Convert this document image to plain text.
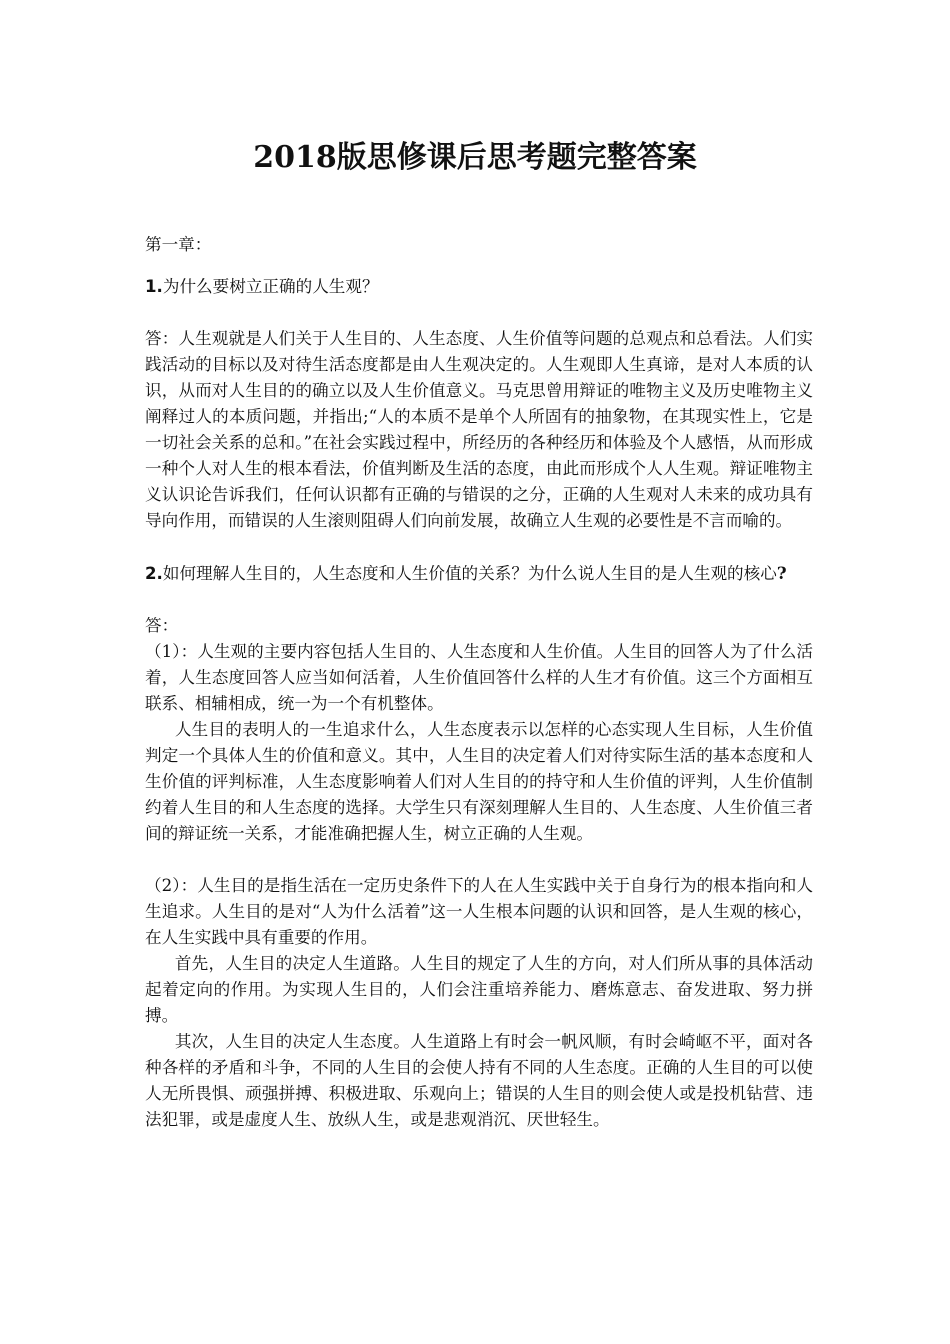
2018版思修课后思考题完整答案

第一章：

1.为什么要树立正确的人生观？

答：人生观就是人们关于人生目的、人生态度、人生价值等问题的总观点和总看法。人们实践活动的目标以及对待生活态度都是由人生观决定的。人生观即人生真谛，是对人本质的认识，从而对人生目的的确立以及人生价值意义。马克思曾用辩证的唯物主义及历史唯物主义阐释过人的本质问题，并指出;“人的本质不是单个人所固有的抽象物，在其现实性上，它是一切社会关系的总和。”在社会实践过程中，所经历的各种经历和体验及个人感悟，从而形成一种个人对人生的根本看法，价值判断及生活的态度，由此而形成个人人生观。辩证唯物主义认识论告诉我们，任何认识都有正确的与错误的之分，正确的人生观对人未来的成功具有导向作用，而错误的人生滚则阻碍人们向前发展，故确立人生观的必要性是不言而喻的。

2.如何理解人生目的，人生态度和人生价值的关系？为什么说人生目的是人生观的核心?

答：

（1）：人生观的主要内容包括人生目的、人生态度和人生价值。人生目的回答人为了什么活着，人生态度回答人应当如何活着，人生价值回答什么样的人生才有价值。这三个方面相互联系、相辅相成，统一为一个有机整体。

人生目的表明人的一生追求什么，人生态度表示以怎样的心态实现人生目标，人生价值判定一个具体人生的价值和意义。其中，人生目的决定着人们对待实际生活的基本态度和人生价值的评判标准，人生态度影响着人们对人生目的的持守和人生价值的评判，人生价值制约着人生目的和人生态度的选择。大学生只有深刻理解人生目的、人生态度、人生价值三者间的辩证统一关系，才能准确把握人生，树立正确的人生观。

（2）：人生目的是指生活在一定历史条件下的人在人生实践中关于自身行为的根本指向和人生追求。人生目的是对“人为什么活着”这一人生根本问题的认识和回答，是人生观的核心，在人生实践中具有重要的作用。

首先，人生目的决定人生道路。人生目的规定了人生的方向，对人们所从事的具体活动起着定向的作用。为实现人生目的，人们会注重培养能力、磨炼意志、奋发进取、努力拼搏。

其次，人生目的决定人生态度。人生道路上有时会一帆风顺，有时会崎岖不平，面对各种各样的矛盾和斗争，不同的人生目的会使人持有不同的人生态度。正确的人生目的可以使人无所畏惧、顽强拼搏、积极进取、乐观向上；错误的人生目的则会使人或是投机钻营、违法犯罪，或是虚度人生、放纵人生，或是悲观消沉、厌世轻生。
